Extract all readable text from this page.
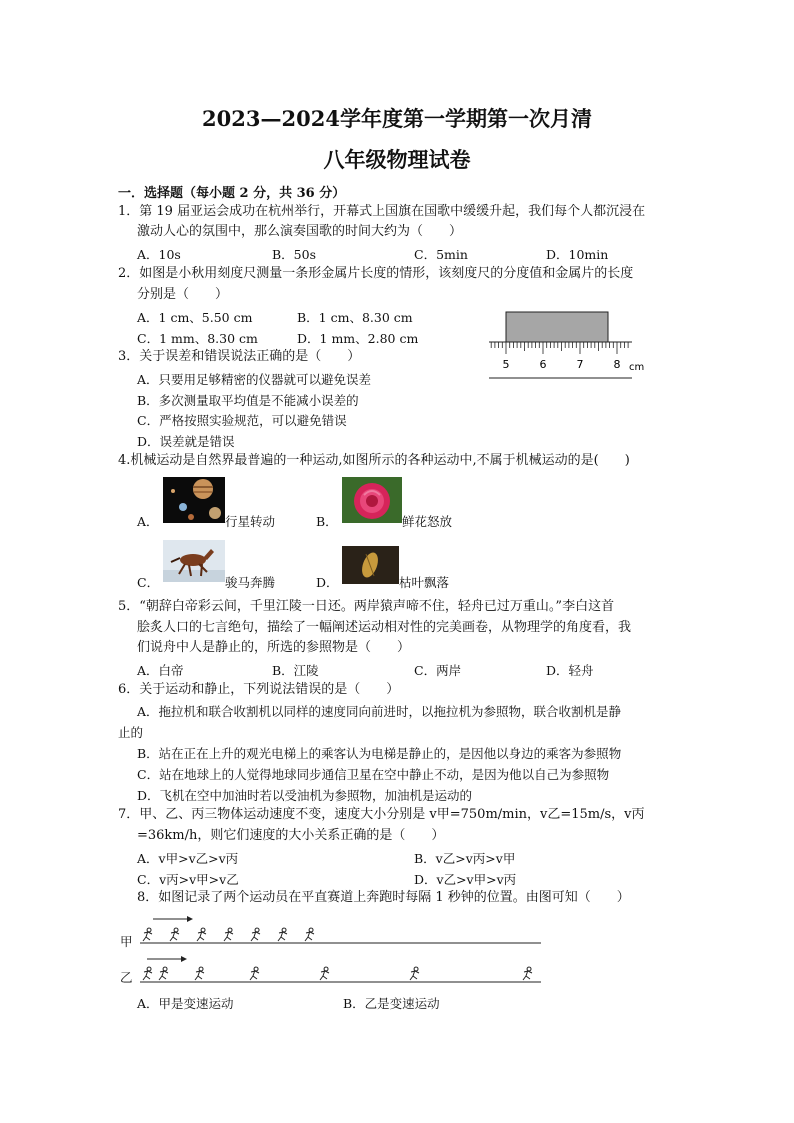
2023—2024学年度第一学期第一次月清
八年级物理试卷
一．选择题（每小题 2 分，共 36 分）
1．第 19 届亚运会成功在杭州举行，开幕式上国旗在国歌中缓缓升起，我们每个人都沉浸在
激动人心的氛围中，那么演奏国歌的时间大约为（　　）
A．10s	B．50s	C．5min	D．10min
2．如图是小秋用刻度尺测量一条形金属片长度的情形，该刻度尺的分度值和金属片的长度
分别是（　　）
A．1 cm、5.50 cm	B．1 cm、8.30 cm
C．1 mm、8.30 cm	D．1 mm、2.80 cm
5	6	7	8 cm
3．关于误差和错误说法正确的是（　　）
A．只要用足够精密的仪器就可以避免误差
B．多次测量取平均值是不能减小误差的
C．严格按照实验规范，可以避免错误
D．误差就是错误
4.机械运动是自然界最普遍的一种运动,如图所示的各种运动中,不属于机械运动的是(　　)
A．	行星转动	B．	鲜花怒放
C．	骏马奔腾	D．	枯叶飘落
5．“朝辞白帝彩云间，千里江陵一日还。两岸猿声啼不住，轻舟已过万重山。”李白这首
脍炙人口的七言绝句，描绘了一幅阐述运动相对性的完美画卷，从物理学的角度看，我
们说舟中人是静止的，所选的参照物是（　　）
A．白帝	B．江陵	C．两岸	D．轻舟
6．关于运动和静止，下列说法错误的是（　　）
A．拖拉机和联合收割机以同样的速度同向前进时，以拖拉机为参照物，联合收割机是静
止的
B．站在正在上升的观光电梯上的乘客认为电梯是静止的，是因他以身边的乘客为参照物
C．站在地球上的人觉得地球同步通信卫星在空中静止不动，是因为他以自己为参照物
D．飞机在空中加油时若以受油机为参照物，加油机是运动的
7．甲、乙、丙三物体运动速度不变，速度大小分别是 v甲=750m/min，v乙=15m/s，v丙
=36km/h，则它们速度的大小关系正确的是（　　）
A．v甲>v乙>v丙	B．v乙>v丙>v甲
C．v丙>v甲>v乙	D．v乙>v甲>v丙
8．如图记录了两个运动员在平直赛道上奔跑时每隔 1 秒钟的位置。由图可知（　　）
甲
乙
A．甲是变速运动	B．乙是变速运动
